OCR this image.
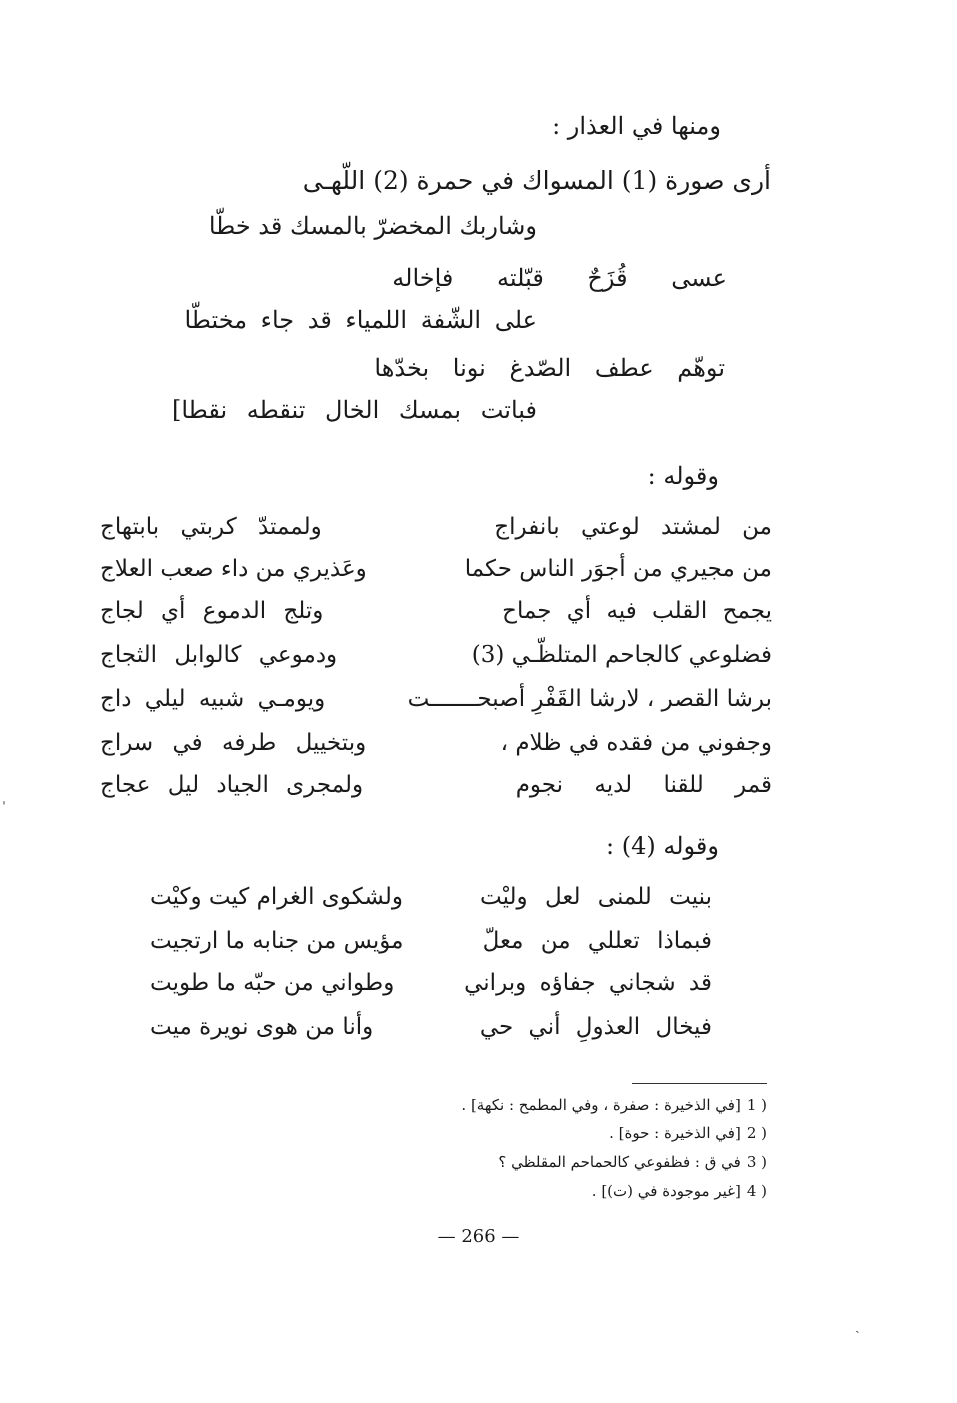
ومنها في العذار :
أرى صورة (1) المسواك في حمرة (2) اللّهـى
وشاربك المخضرّ بالمسك قد خطّا
عسى قُزَحٌ قبّلته فإخاله
على الشّفة اللمياء قد جاء مختطّا
توهّم عطف الصّدغ نونا بخدّها
فباتت بمسك الخال تنقطه نقطا]
وقوله :
من لمشتد لوعتي بانفراج
ولممتدّ كربتي بابتهاج
من مجيري من أجوَر الناس حكما
وعَذيري من داء صعب العلاج
يجمح القلب فيه أي جماح
وتلج الدموع أي لجاج
فضلوعي كالجاحم المتلظّـي (3)
ودموعي كالوابل الثجاج
برشا القصر ، لارشا القَفْرِ أصبحـــــــت
ويومـي شبيه ليلي داج
وجفوني من فقده في ظلام ،
وبتخييل طرفه في سراج
قمر للقنا لديه نجوم
ولمجرى الجياد ليل عجاج
وقوله (4) :
بنيت للمنى لعل وليْت
ولشكوى الغرام كيت وكيْت
فبماذا تعللي من معلّ
مؤيس من جنابه ما ارتجيت
قد شجاني جفاؤه وبراني
وطواني من حبّه ما طويت
فيخال العذولِ أني حي
وأنا من هوى نويرة ميت
1 )
[في الذخيرة : صفرة ، وفي المطمح : نكهة] .
2 )
[في الذخيرة : حوة] .
3 )
في ق : فظفوعي كالحماحم المقلظي ؟
4 )
[غير موجودة في (ت)] .
— 266 —
ˈ
ˎ
